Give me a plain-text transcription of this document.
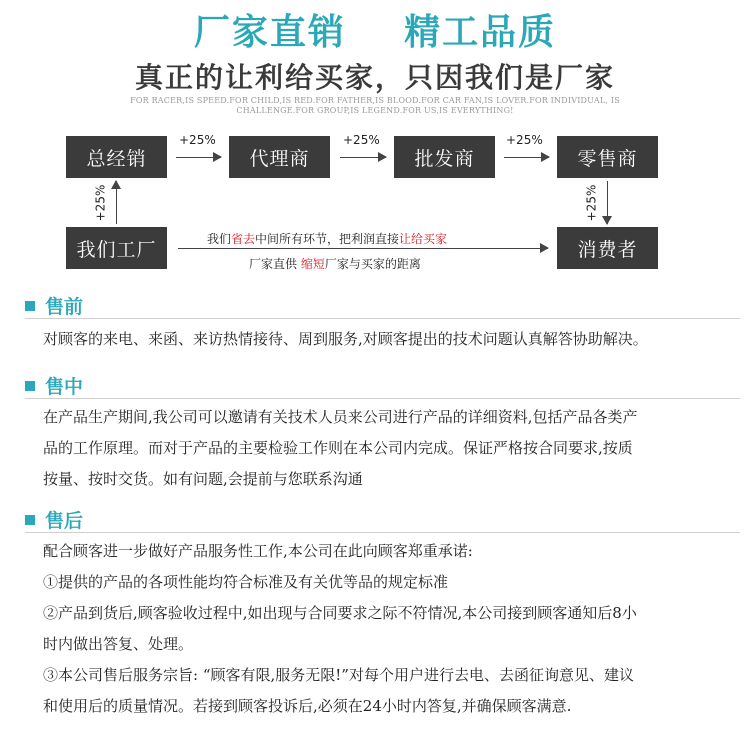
厂家直销 精工品质
真正的让利给买家，只因我们是厂家
FOR RACER,IS SPEED.FOR CHILD,IS RED.FOR FATHER,IS BLOOD.FOR CAR FAN,IS LOVER.FOR INDIVIDUAL, IS CHALLENGE.FOR GROUP,IS LEGEND.FOR US,IS EVERYTHING!
总经销	代理商	批发商	零售商
我们工厂	消费者
+25%	+25%	+25%
+25%	+25%
我们省去中间所有环节，把利润直接让给买家
厂家直供 缩短厂家与买家的距离
售前

对顾客的来电、来函、来访热情接待、周到服务,对顾客提出的技术问题认真解答协助解决。

售中

在产品生产期间,我公司可以邀请有关技术人员来公司进行产品的详细资料,包括产品各类产

品的工作原理。而对于产品的主要检验工作则在本公司内完成。保证严格按合同要求,按质

按量、按时交货。如有问题,会提前与您联系沟通

售后

配合顾客进一步做好产品服务性工作,本公司在此向顾客郑重承诺:

①提供的产品的各项性能均符合标准及有关优等品的规定标准

②产品到货后,顾客验收过程中,如出现与合同要求之际不符情况,本公司接到顾客通知后8小

时内做出答复、处理。

③本公司售后服务宗旨: “顾客有限,服务无限!”对每个用户进行去电、去函征询意见、建议

和使用后的质量情况。若接到顾客投诉后,必须在24小时内答复,并确保顾客满意.
